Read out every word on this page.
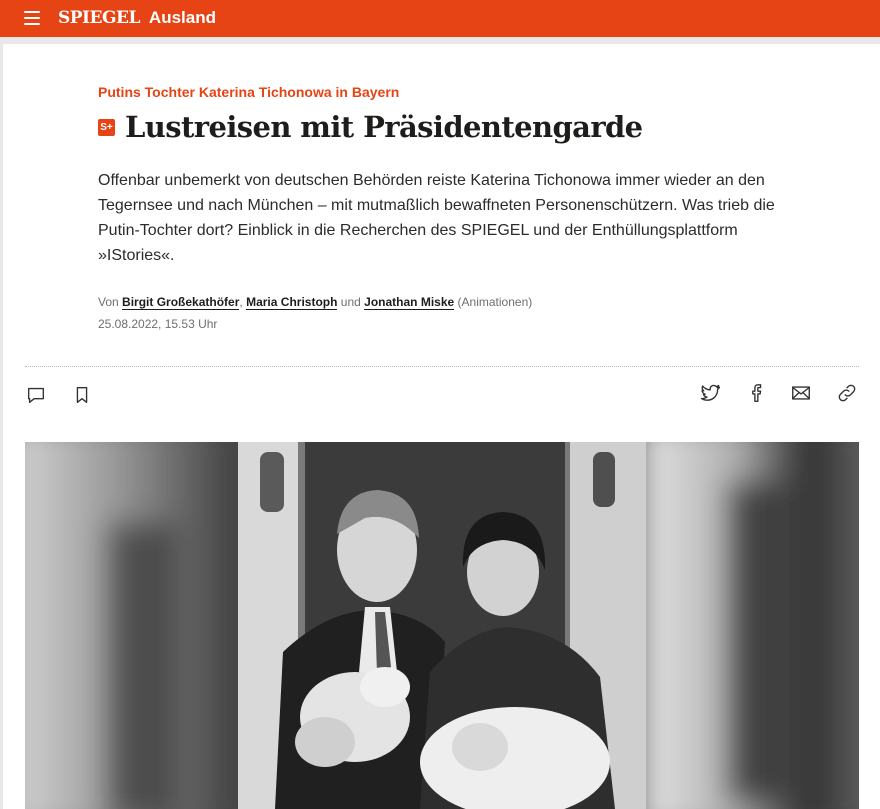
SPIEGEL Ausland
Putins Tochter Katerina Tichonowa in Bayern
S+ Lustreisen mit Präsidentengarde

Offenbar unbemerkt von deutschen Behörden reiste Katerina Tichonowa immer wieder an den Tegernsee und nach München – mit mutmaßlich bewaffneten Personenschützern. Was trieb die Putin-Tochter dort? Einblick in die Recherchen des SPIEGEL und der Enthüllungsplattform »IStories«.

Von Birgit Großekathöfer, Maria Christoph und Jonathan Miske (Animationen)
25.08.2022, 15.53 Uhr
